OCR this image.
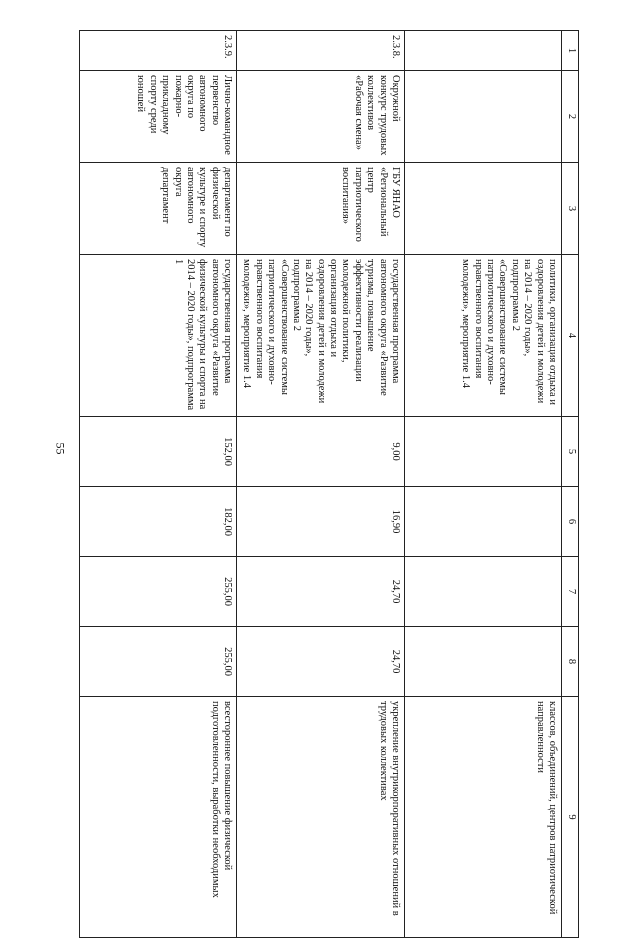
55
1	2	3	4	5	6	7	8	9
			политики, организация отдыха и оздоровления детей и молодежи на 2014 – 2020 годы», подпрограмма 2 «Совершенствование системы патриотического и духовно-нравственного воспитания молодежи», мероприятие 1.4					классов, объединений, центров патриотической направленности
2.3.8.	Окружной конкурс трудовых коллективов «Рабочая смена»	ГБУ ЯНАО «Региональный центр патриотического воспитания»	государственная программа автономного округа «Развитие туризма, повышение эффективности реализации молодежной политики, организация отдыха и оздоровления детей и молодежи на 2014 – 2020 годы», подпрограмма 2 «Совершенствование системы патриотического и духовно-нравственного воспитания молодежи», мероприятие 1.4	9,00	16,90	24,70	24,70	укрепление внутрикорпоративных отношений в трудовых коллективах
2.3.9.	Лично-командное первенство автономного округа по пожарно-прикладному спорту среди юношей	департамент по физической культуре и спорту автономного округа департамент	государственная программа автономного округа «Развитие физической культуры и спорта на 2014 – 2020 годы», подпрограмма 1	152,00	182,00	255,00	255,00	всестороннее повышение физической подготовленности, выработки необходимых
